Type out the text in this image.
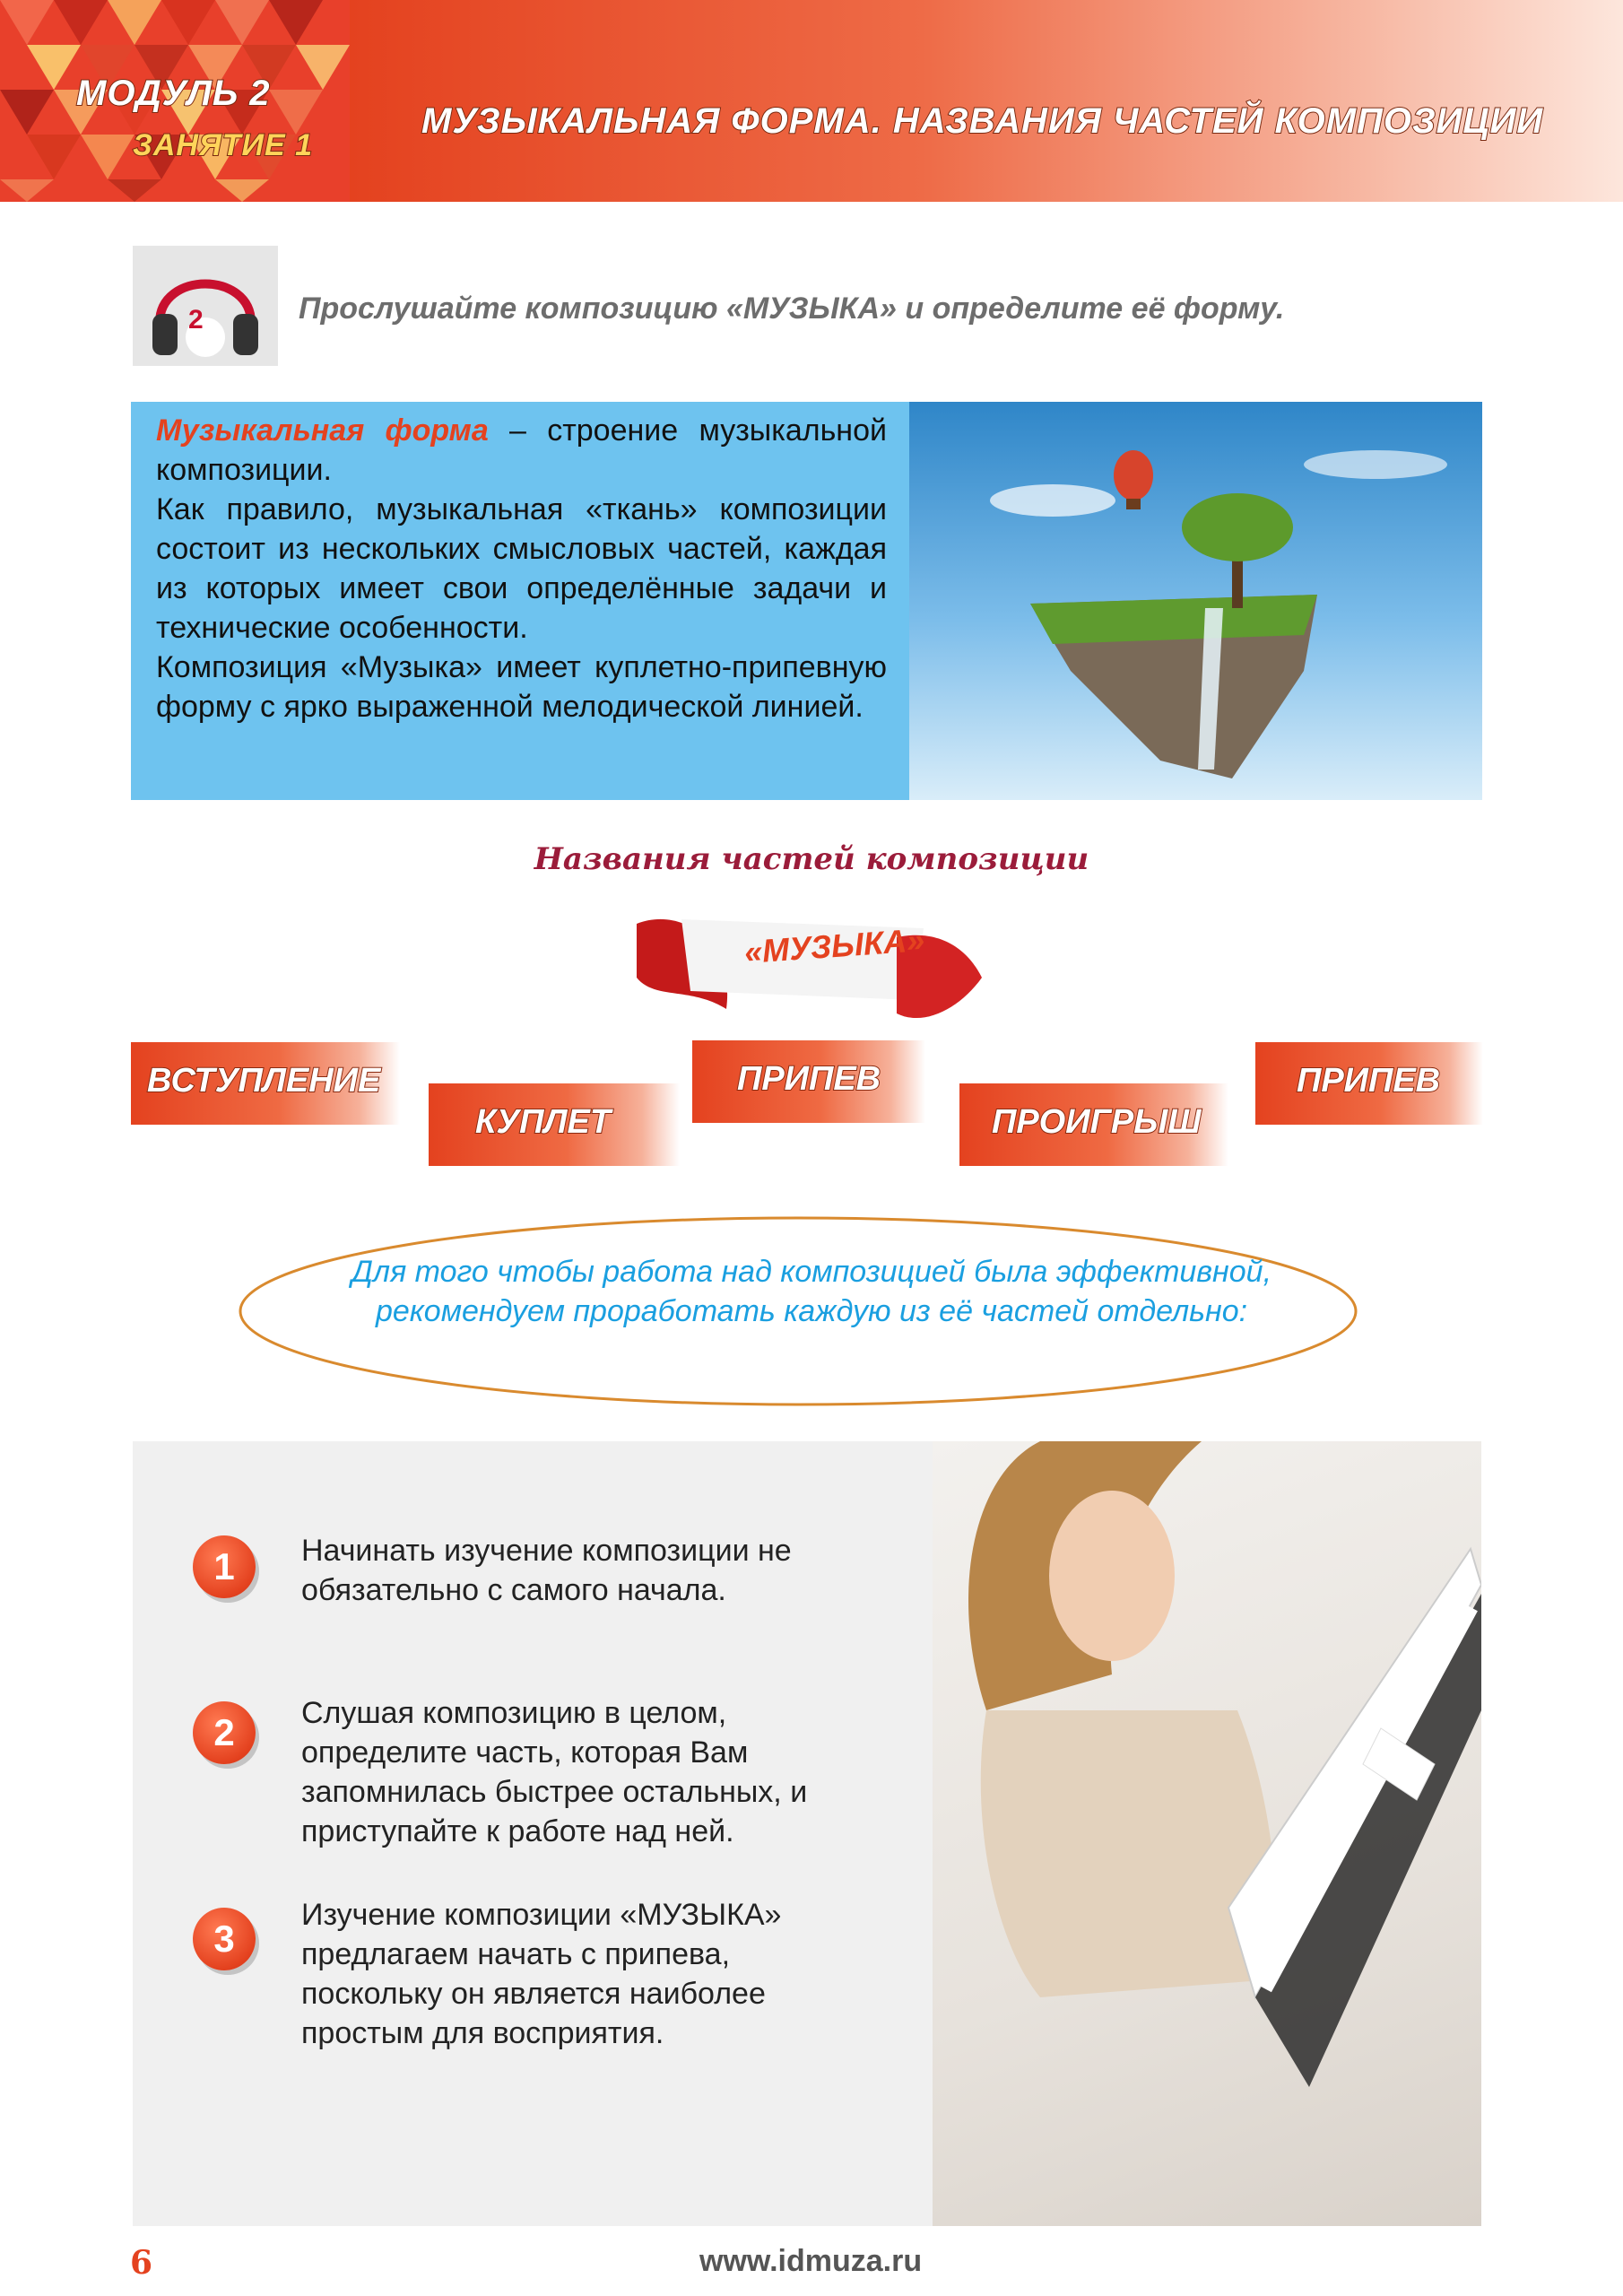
МОДУЛЬ 2
ЗАНЯТИЕ 1
МУЗЫКАЛЬНАЯ ФОРМА. НАЗВАНИЯ ЧАСТЕЙ КОМПОЗИЦИИ
2	Прослушайте композицию «МУЗЫКА» и определите её форму.
Музыкальная форма – строение музыкальной композиции.
Как правило, музыкальная «ткань» композиции состоит из нескольких смысловых частей, каждая из которых имеет свои определённые задачи и технические особенности.
Композиция «Музыка» имеет куплетно-припевную форму с ярко выраженной мелодической линией.
Названия частей композиции
«МУЗЫКА»
ВСТУПЛЕНИЕ
КУПЛЕТ
ПРИПЕВ
ПРОИГРЫШ
ПРИПЕВ
Для того чтобы работа над композицией была эффективной, рекомендуем проработать каждую из её частей отдельно:
1	Начинать изучение композиции не обязательно с самого начала.
2	Слушая композицию в целом, определите часть, которая Вам запомнилась быстрее остальных, и приступайте к работе над ней.
3
Изучение композиции «МУЗЫКА» предлагаем начать с припева, поскольку он является наиболее простым для восприятия.
6	www.idmuza.ru
